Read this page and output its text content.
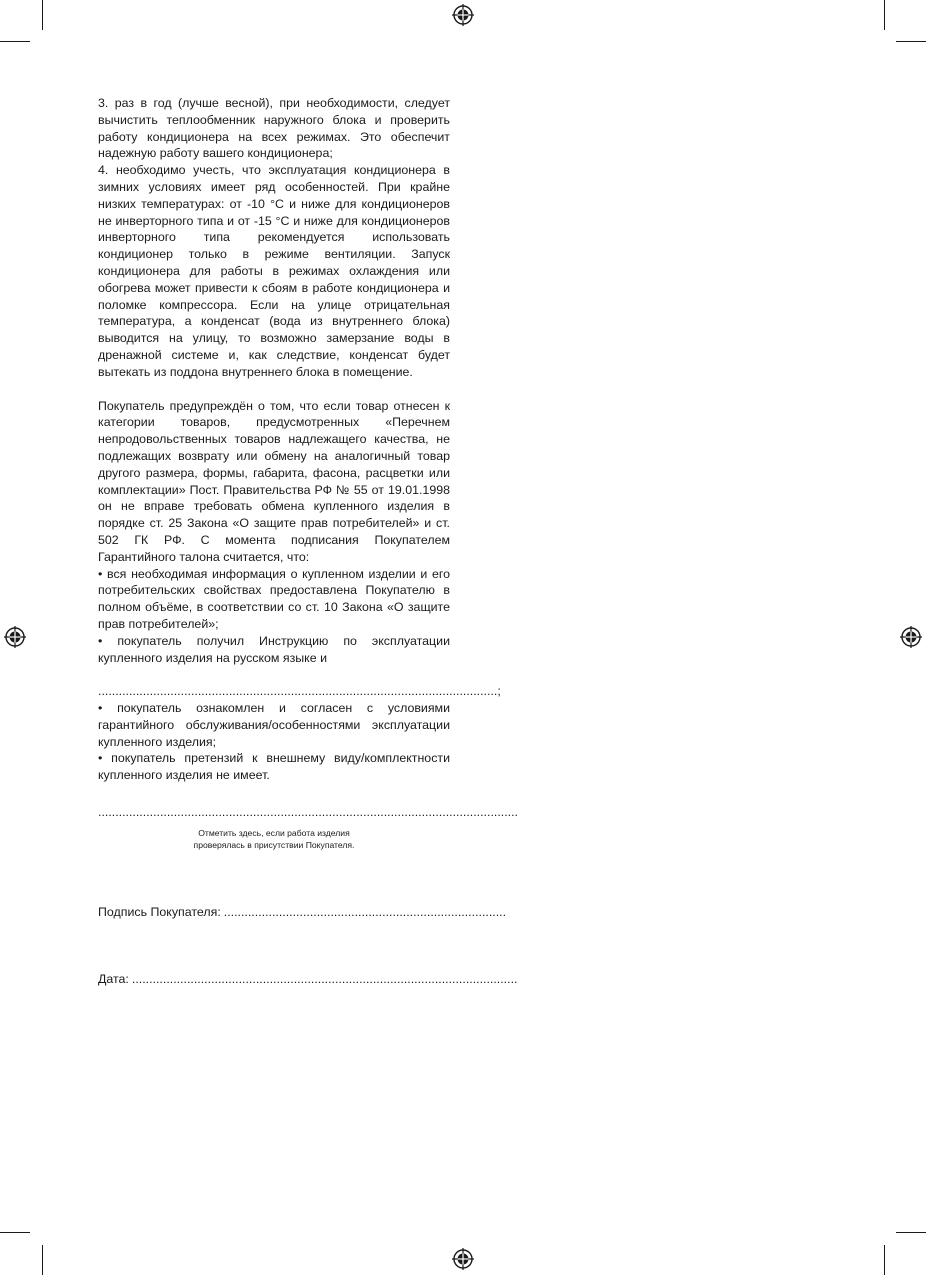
3. раз в год (лучше весной), при необходимости, следует вычистить теплообменник наружного блока и проверить работу кондиционера на всех режимах. Это обеспечит надежную работу вашего кондиционера;

4. необходимо учесть, что эксплуатация кондиционера в зимних условиях имеет ряд особенностей. При крайне низких температурах: от -10 °С и ниже для кондиционеров не инверторного типа и от -15 °С и ниже для кондиционеров инверторного типа рекомендуется использовать кондиционер только в режиме вентиляции. Запуск кондиционера для работы в режимах охлаждения или обогрева может привести к сбоям в работе кондиционера и поломке компрессора. Если на улице отрицательная температура, а конденсат (вода из внутреннего блока) выводится на улицу, то возможно замерзание воды в дренажной системе и, как следствие, конденсат будет вытекать из поддона внутреннего блока в помещение.

Покупатель предупреждён о том, что если товар отнесен к категории товаров, предусмотренных «Перечнем непродовольственных товаров надлежащего качества, не подлежащих возврату или обмену на аналогичный товар другого размера, формы, габарита, фасона, расцветки или комплектации» Пост. Правительства РФ № 55 от 19.01.1998 он не вправе требовать обмена купленного изделия в порядке ст. 25 Закона «О защите прав потребителей» и ст. 502 ГК РФ. С момента подписания Покупателем Гарантийного талона считается, что:

• вся необходимая информация о купленном изделии и его потребительских свойствах предоставлена Покупателю в полном объёме, в соответствии со ст. 10 Закона «О защите прав потребителей»;

• покупатель получил Инструкцию по эксплуатации купленного изделия на русском языке и

....................................................................................................................;

• покупатель ознакомлен и согласен с условиями гарантийного обслуживания/особенностями эксплуатации купленного изделия;

• покупатель претензий к внешнему виду/комплектности купленного изделия не имеет.

..........................................................................................................................
Отметить здесь, если работа изделия
проверялась в присутствии Покупателя.
Подпись Покупателя: ..................................................................................
Дата: ................................................................................................................
